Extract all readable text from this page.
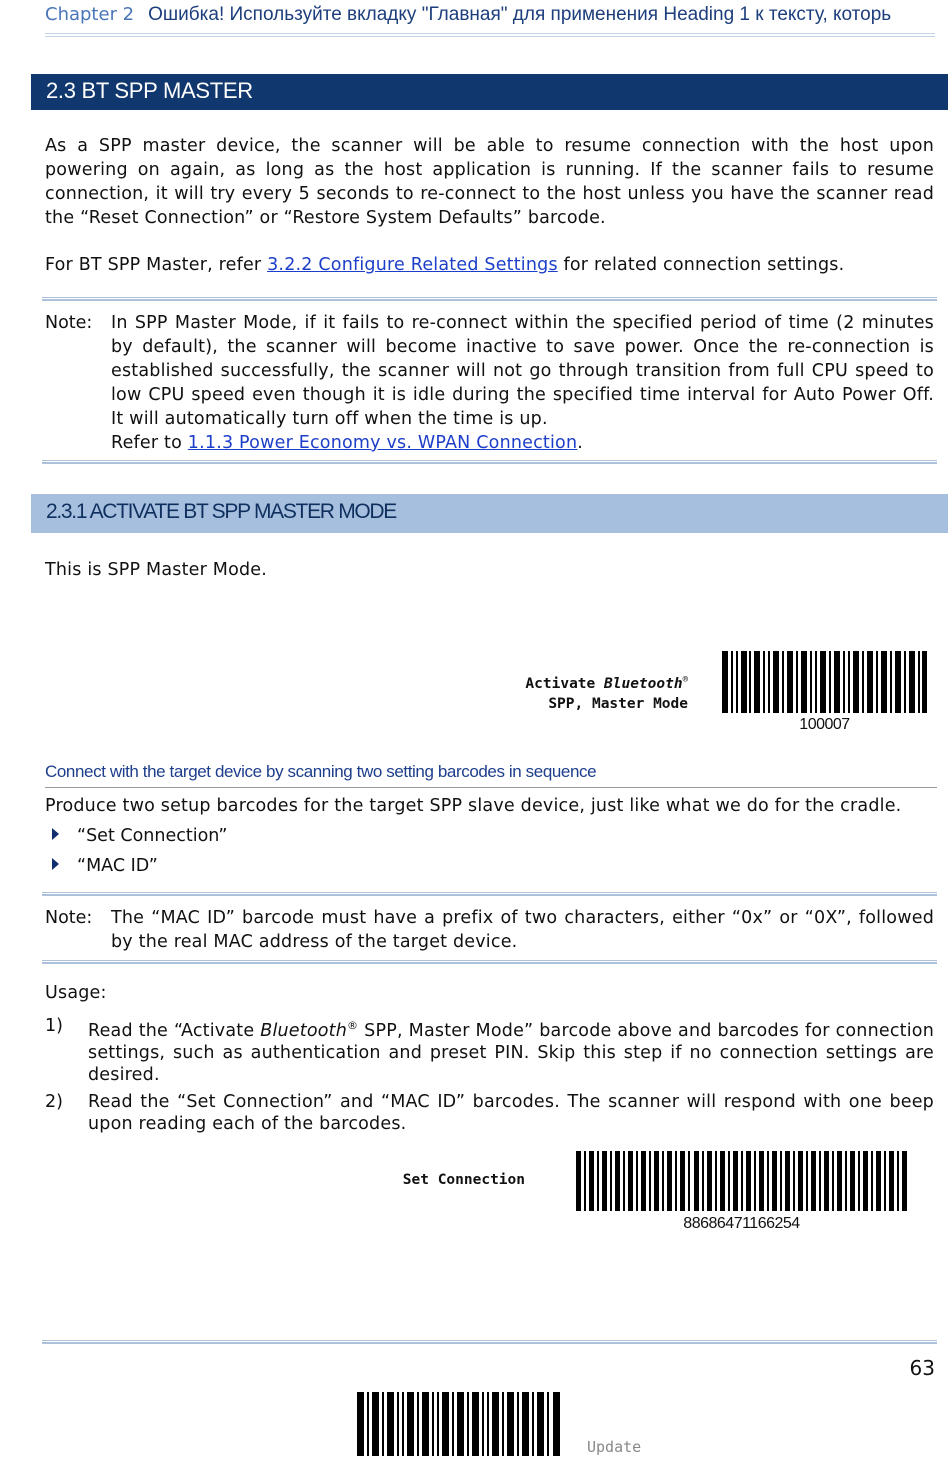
Chapter 2 Ошибка! Используйте вкладку "Главная" для применения Heading 1 к тексту, которь
2.3 BT SPP MASTER
As a SPP master device, the scanner will be able to resume connection with the host upon powering on again, as long as the host application is running. If the scanner fails to resume connection, it will try every 5 seconds to re-connect to the host unless you have the scanner read the “Reset Connection” or “Restore System Defaults” barcode.
For BT SPP Master, refer 3.2.2 Configure Related Settings for related connection settings.
Note: In SPP Master Mode, if it fails to re-connect within the specified period of time (2 minutes by default), the scanner will become inactive to save power. Once the re-connection is established successfully, the scanner will not go through transition from full CPU speed to low CPU speed even though it is idle during the specified time interval for Auto Power Off. It will automatically turn off when the time is up.
Refer to 1.1.3 Power Economy vs. WPAN Connection.
2.3.1 ACTIVATE BT SPP MASTER MODE
This is SPP Master Mode.
Activate Bluetooth®
SPP, Master Mode
100007
Connect with the target device by scanning two setting barcodes in sequence
Produce two setup barcodes for the target SPP slave device, just like what we do for the cradle.
“Set Connection”
“MAC ID”
Note: The “MAC ID” barcode must have a prefix of two characters, either “0x” or “0X”, followed by the real MAC address of the target device.
Usage:
1) Read the “Activate Bluetooth® SPP, Master Mode” barcode above and barcodes for connection settings, such as authentication and preset PIN. Skip this step if no connection settings are desired.
2) Read the “Set Connection” and “MAC ID” barcodes. The scanner will respond with one beep upon reading each of the barcodes.
Set Connection
88686471166254
63
Update
